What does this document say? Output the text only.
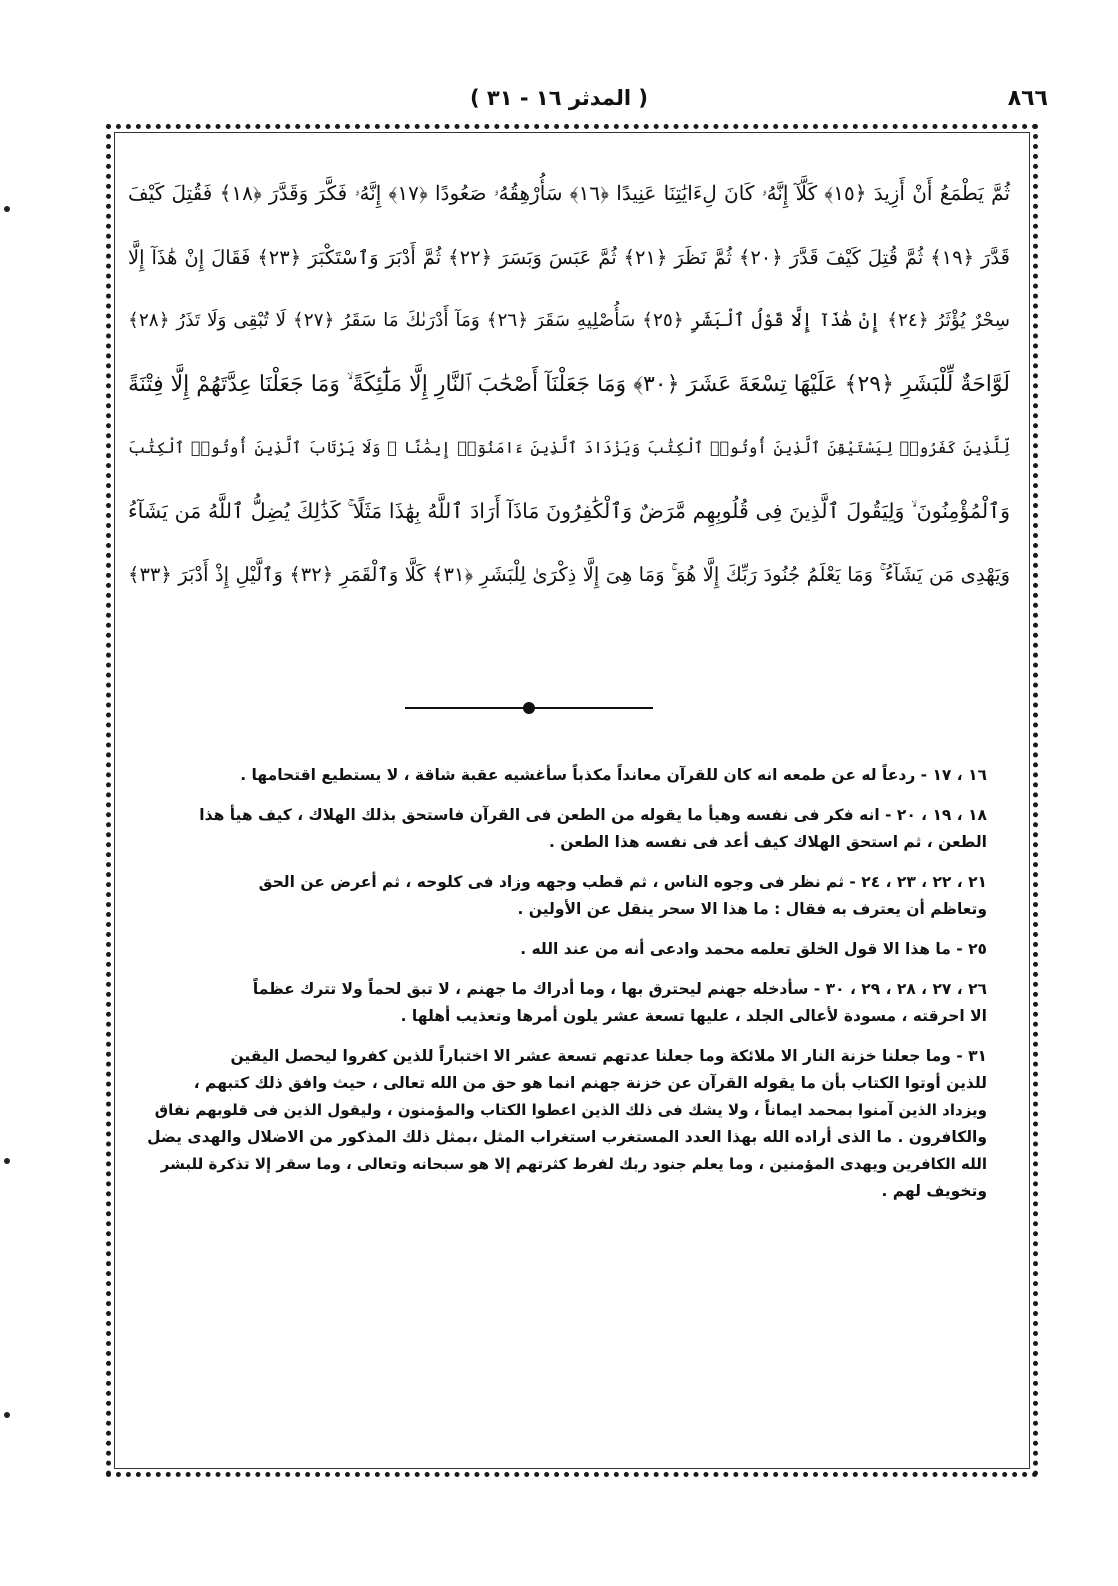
٨٦٦
( المدثر ١٦ - ٣١ )
ثُمَّ يَطْمَعُ أَنْ أَزِيدَ ﴿١٥﴾ كَلَّآ إِنَّهُۥ كَانَ لِءَايَٰتِنَا عَنِيدًا ﴿١٦﴾ سَأُرْهِقُهُۥ صَعُودًا ﴿١٧﴾ إِنَّهُۥ فَكَّرَ وَقَدَّرَ ﴿١٨﴾ فَقُتِلَ كَيْفَ
قَدَّرَ ﴿١٩﴾ ثُمَّ قُتِلَ كَيْفَ قَدَّرَ ﴿٢٠﴾ ثُمَّ نَظَرَ ﴿٢١﴾ ثُمَّ عَبَسَ وَبَسَرَ ﴿٢٢﴾ ثُمَّ أَدْبَرَ وَٱسْتَكْبَرَ ﴿٢٣﴾ فَقَالَ إِنْ هَٰذَآ إِلَّا
سِحْرٌ يُؤْثَرُ ﴿٢٤﴾ إِنْ هَٰذَآ إِلَّا قَوْلُ ٱلْبَشَرِ ﴿٢٥﴾ سَأُصْلِيهِ سَقَرَ ﴿٢٦﴾ وَمَآ أَدْرَىٰكَ مَا سَقَرُ ﴿٢٧﴾ لَا تُبْقِى وَلَا تَذَرُ ﴿٢٨﴾
لَوَّاحَةٌ لِّلْبَشَرِ ﴿٢٩﴾ عَلَيْهَا تِسْعَةَ عَشَرَ ﴿٣٠﴾ وَمَا جَعَلْنَآ أَصْحَٰبَ ٱلنَّارِ إِلَّا مَلَٰٓئِكَةً ۙ وَمَا جَعَلْنَا عِدَّتَهُمْ إِلَّا فِتْنَةً
لِّلَّذِينَ كَفَرُوا۟ لِيَسْتَيْقِنَ ٱلَّذِينَ أُوتُوا۟ ٱلْكِتَٰبَ وَيَزْدَادَ ٱلَّذِينَ ءَامَنُوٓا۟ إِيمَٰنًا ۙ وَلَا يَرْتَابَ ٱلَّذِينَ أُوتُوا۟ ٱلْكِتَٰبَ
وَٱلْمُؤْمِنُونَ ۙ وَلِيَقُولَ ٱلَّذِينَ فِى قُلُوبِهِم مَّرَضٌ وَٱلْكَٰفِرُونَ مَاذَآ أَرَادَ ٱللَّهُ بِهَٰذَا مَثَلًا ۚ كَذَٰلِكَ يُضِلُّ ٱللَّهُ مَن يَشَآءُ
وَيَهْدِى مَن يَشَآءُ ۚ وَمَا يَعْلَمُ جُنُودَ رَبِّكَ إِلَّا هُوَ ۚ وَمَا هِىَ إِلَّا ذِكْرَىٰ لِلْبَشَرِ ﴿٣١﴾ كَلَّا وَٱلْقَمَرِ ﴿٣٢﴾ وَٱلَّيْلِ إِذْ أَدْبَرَ ﴿٣٣﴾
١٦ ، ١٧ - ردعاً له عن طمعه انه كان للقرآن معانداً مكذباً سأغشيه عقبة شاقة ، لا يستطيع اقتحامها .
١٨ ، ١٩ ، ٢٠ - انه فكر فى نفسه وهيأ ما يقوله من الطعن فى القرآن فاستحق بذلك الهلاك ، كيف هيأ هذا
الطعن ، ثم استحق الهلاك كيف أعد فى نفسه هذا الطعن .
٢١ ، ٢٢ ، ٢٣ ، ٢٤ - ثم نظر فى وجوه الناس ، ثم قطب وجهه وزاد فى كلوحه ، ثم أعرض عن الحق
وتعاظم أن يعترف به فقال : ما هذا الا سحر ينقل عن الأولين .
٢٥ - ما هذا الا قول الخلق تعلمه محمد وادعى أنه من عند الله .
٢٦ ، ٢٧ ، ٢٨ ، ٢٩ ، ٣٠ - سأدخله جهنم ليحترق بها ، وما أدراك ما جهنم ، لا تبق لحماً ولا تترك عظماً
الا احرقته ، مسودة لأعالى الجلد ، عليها تسعة عشر يلون أمرها وتعذيب أهلها .
٣١ - وما جعلنا خزنة النار الا ملائكة وما جعلنا عدتهم تسعة عشر الا اختباراً للذين كفروا ليحصل اليقين
للذين أوتوا الكتاب بأن ما يقوله القرآن عن خزنة جهنم انما هو حق من الله تعالى ، حيث وافق ذلك كتبهم ،
ويزداد الذين آمنوا بمحمد ايماناً ، ولا يشك فى ذلك الذين اعطوا الكتاب والمؤمنون ، وليقول الذين فى قلوبهم نفاق
والكافرون . ما الذى أراده الله بهذا العدد المستغرب استغراب المثل ،بمثل ذلك المذكور من الاضلال والهدى يضل
الله الكافرين ويهدى المؤمنين ، وما يعلم جنود ربك لفرط كثرتهم إلا هو سبحانه وتعالى ، وما سقر إلا تذكرة للبشر
وتخويف لهم .
